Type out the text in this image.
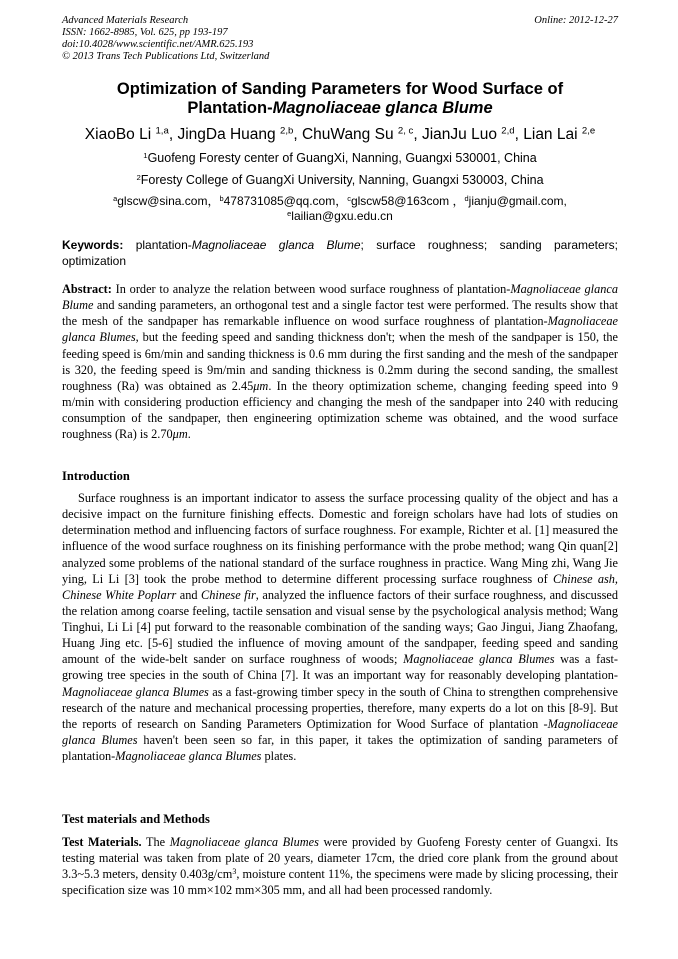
Advanced Materials Research	Online: 2012-12-27
ISSN: 1662-8985, Vol. 625, pp 193-197
doi:10.4028/www.scientific.net/AMR.625.193
© 2013 Trans Tech Publications Ltd, Switzerland
Optimization of Sanding Parameters for Wood Surface of
Plantation-Magnoliaceae glanca Blume
XiaoBo Li $^{1,a}$, JingDa Huang $^{2,b}$, ChuWang Su $^{2, c}$, JianJu Luo $^{2,d}$, Lian Lai $^{2,e}$
$^1$Guofeng Foresty center of GuangXi, Nanning, Guangxi 530001, China
$^2$Foresty College of GuangXi University, Nanning, Guangxi 530003, China
$^a$glscw@sina.com，$^b$478731085@qq.com，$^c$glscw58@163com ，$^d$jianju@gmail.com,
$^e$lailian@gxu.edu.cn
Keywords: plantation-Magnoliaceae glanca Blume; surface roughness; sanding parameters; optimization
Abstract: In order to analyze the relation between wood surface roughness of plantation-Magnoliaceae glanca Blume and sanding parameters, an orthogonal test and a single factor test were performed. The results show that the mesh of the sandpaper has remarkable influence on wood surface roughness of plantation-Magnoliaceae glanca Blumes, but the feeding speed and sanding thickness don't; when the mesh of the sandpaper is 150, the feeding speed is 6m/min and sanding thickness is 0.6 mm during the first sanding and the mesh of the sandpaper is 320, the feeding speed is 9m/min and sanding thickness is 0.2mm during the second sanding, the smallest roughness (Ra) was obtained as 2.45μm. In the theory optimization scheme, changing feeding speed into 9 m/min with considering production efficiency and changing the mesh of the sandpaper into 240 with reducing consumption of the sandpaper, then engineering optimization scheme was obtained, and the wood surface roughness (Ra) is 2.70μm.
Introduction
Surface roughness is an important indicator to assess the surface processing quality of the object and has a decisive impact on the furniture finishing effects. Domestic and foreign scholars have had lots of studies on determination method and influencing factors of surface roughness. For example, Richter et al. [1] measured the influence of the wood surface roughness on its finishing performance with the probe method; wang Qin quan[2] analyzed some problems of the national standard of the surface roughness in practice. Wang Ming zhi, Wang Jie ying, Li Li [3] took the probe method to determine different processing surface roughness of Chinese ash, Chinese White Poplarr and Chinese fir, analyzed the influence factors of their surface roughness, and discussed the relation among coarse feeling, tactile sensation and visual sense by the psychological analysis method; Wang Tinghui, Li Li [4] put forward to the reasonable combination of the sanding ways; Gao Jingui, Jiang Zhaofang, Huang Jing etc. [5-6] studied the influence of moving amount of the sandpaper, feeding speed and sanding amount of the wide-belt sander on surface roughness of woods; Magnoliaceae glanca Blumes was a fast-growing tree species in the south of China [7]. It was an important way for reasonably developing plantation-Magnoliaceae glanca Blumes as a fast-growing timber specy in the south of China to strengthen comprehensive research of the nature and mechanical processing properties, therefore, many experts do a lot on this [8-9]. But the reports of research on Sanding Parameters Optimization for Wood Surface of plantation -Magnoliaceae glanca Blumes haven't been seen so far, in this paper, it takes the optimization of sanding parameters of plantation-Magnoliaceae glanca Blumes plates.
Test materials and Methods
Test Materials. The Magnoliaceae glanca Blumes were provided by Guofeng Foresty center of Guangxi. Its testing material was taken from plate of 20 years, diameter 17cm, the dried core plank from the ground about 3.3~5.3 meters, density $0.403g/cm^3$, moisture content 11%, the specimens were made by slicing processing, their specification size was 10 mm×102 mm×305 mm, and all had been processed randomly.
